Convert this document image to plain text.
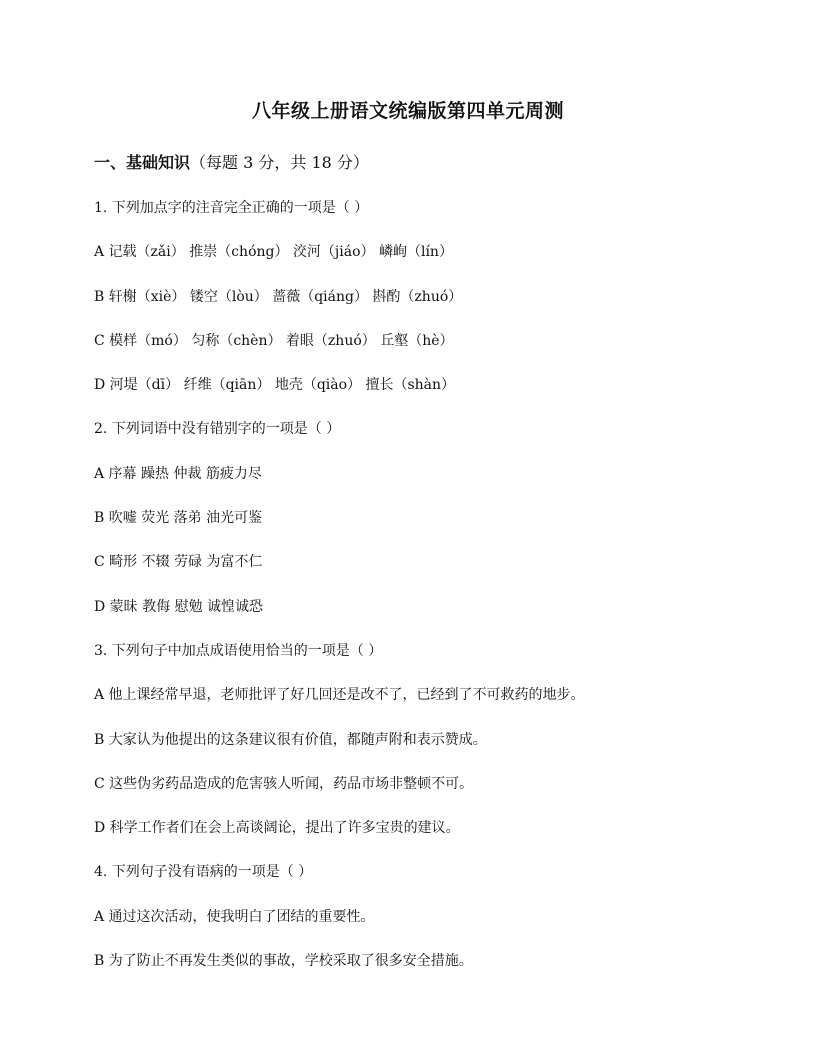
八年级上册语文统编版第四单元周测
一、基础知识（每题 3 分，共 18 分）
1. 下列加点字的注音完全正确的一项是（ ）
A 记载（zǎi） 推崇（chóng） 洨河（jiáo） 嶙峋（lín）
B 轩榭（xiè） 镂空（lòu） 蔷薇（qiáng） 斟酌（zhuó）
C 模样（mó） 匀称（chèn） 着眼（zhuó） 丘壑（hè）
D 河堤（dī） 纤维（qiān） 地壳（qiào） 擅长（shàn）
2. 下列词语中没有错别字的一项是（ ）
A 序幕 躁热 仲裁 筋疲力尽
B 吹嘘 荧光 落弟 油光可鉴
C 畸形 不辍 劳碌 为富不仁
D 蒙昧 教侮 慰勉 诚惶诚恐
3. 下列句子中加点成语使用恰当的一项是（ ）
A 他上课经常早退，老师批评了好几回还是改不了，已经到了不可救药的地步。
B 大家认为他提出的这条建议很有价值，都随声附和表示赞成。
C 这些伪劣药品造成的危害骇人听闻，药品市场非整顿不可。
D 科学工作者们在会上高谈阔论，提出了许多宝贵的建议。
4. 下列句子没有语病的一项是（ ）
A 通过这次活动，使我明白了团结的重要性。
B 为了防止不再发生类似的事故，学校采取了很多安全措施。
